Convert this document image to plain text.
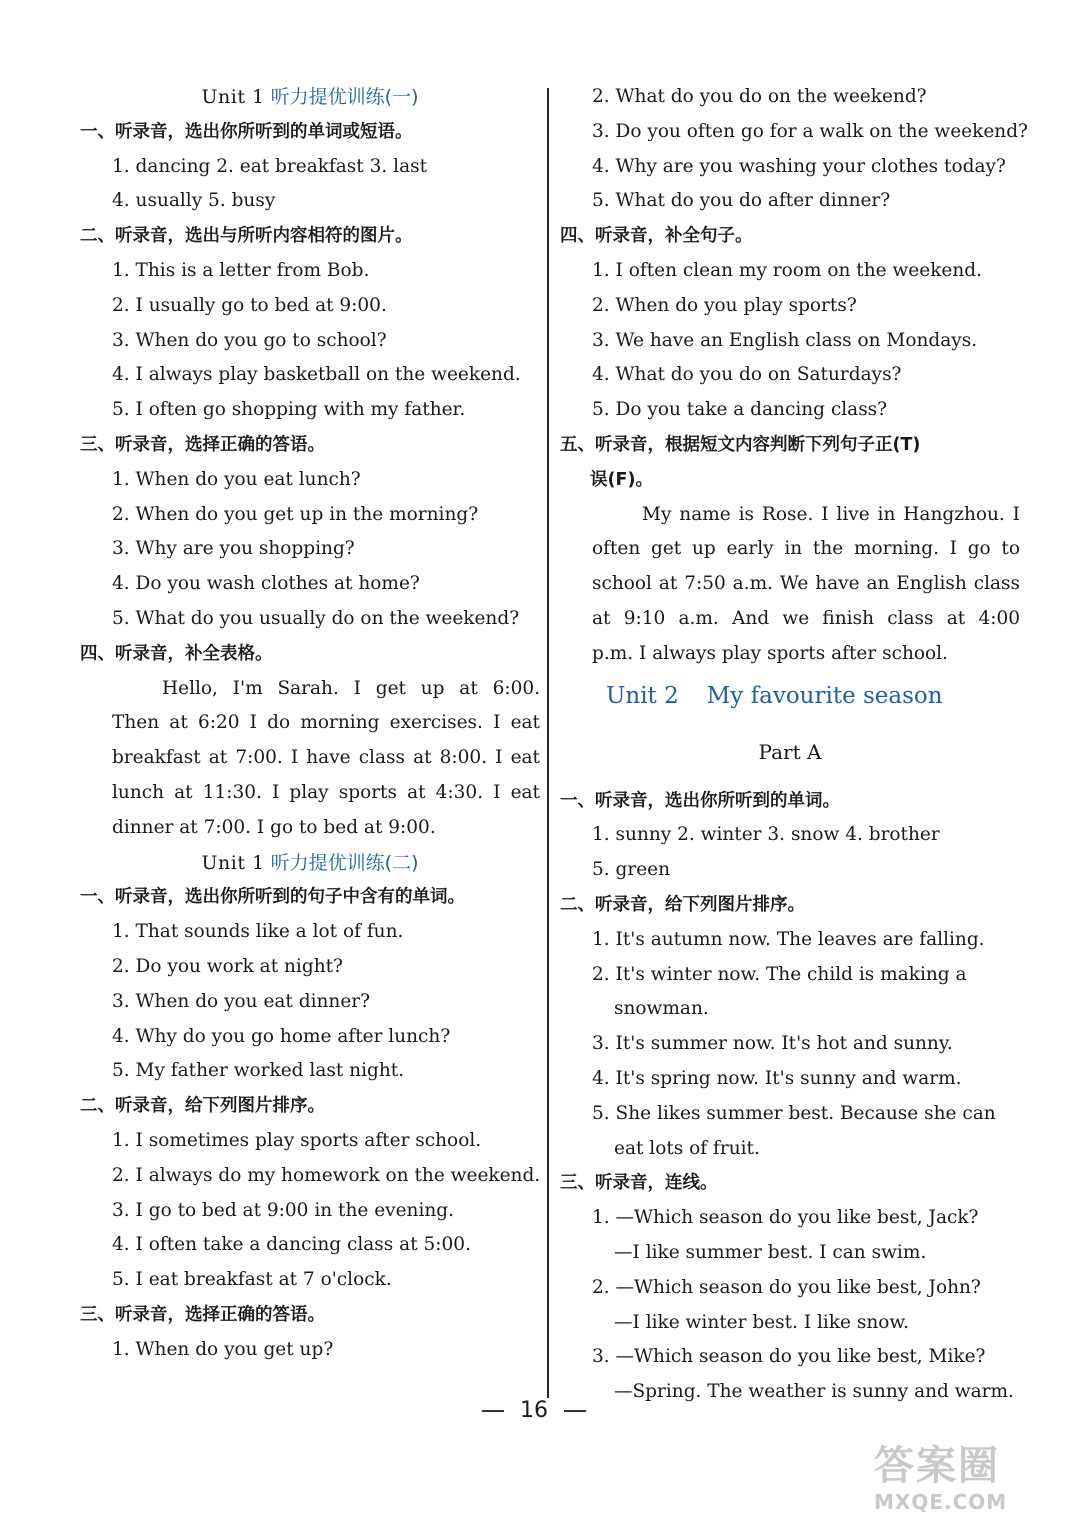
Unit 1 听力提优训练(一)
一、听录音，选出你所听到的单词或短语。
1. dancing 2. eat breakfast 3. last
4. usually 5. busy
二、听录音，选出与所听内容相符的图片。
1. This is a letter from Bob.
2. I usually go to bed at 9:00.
3. When do you go to school?
4. I always play basketball on the weekend.
5. I often go shopping with my father.
三、听录音，选择正确的答语。
1. When do you eat lunch?
2. When do you get up in the morning?
3. Why are you shopping?
4. Do you wash clothes at home?
5. What do you usually do on the weekend?
四、听录音，补全表格。
Hello, I'm Sarah. I get up at 6:00.
Then at 6:20 I do morning exercises. I eat
breakfast at 7:00. I have class at 8:00. I eat
lunch at 11:30. I play sports at 4:30. I eat
dinner at 7:00. I go to bed at 9:00.
Unit 1 听力提优训练(二)
一、听录音，选出你所听到的句子中含有的单词。
1. That sounds like a lot of fun.
2. Do you work at night?
3. When do you eat dinner?
4. Why do you go home after lunch?
5. My father worked last night.
二、听录音，给下列图片排序。
1. I sometimes play sports after school.
2. I always do my homework on the weekend.
3. I go to bed at 9:00 in the evening.
4. I often take a dancing class at 5:00.
5. I eat breakfast at 7 o'clock.
三、听录音，选择正确的答语。
1. When do you get up?
2. What do you do on the weekend?
3. Do you often go for a walk on the weekend?
4. Why are you washing your clothes today?
5. What do you do after dinner?
四、听录音，补全句子。
1. I often clean my room on the weekend.
2. When do you play sports?
3. We have an English class on Mondays.
4. What do you do on Saturdays?
5. Do you take a dancing class?
五、听录音，根据短文内容判断下列句子正(T)
误(F)。
My name is Rose. I live in Hangzhou. I
often get up early in the morning. I go to
school at 7:50 a.m. We have an English class
at 9:10 a.m. And we finish class at 4:00
p.m. I always play sports after school.
Unit 2 My favourite season
Part A
一、听录音，选出你所听到的单词。
1. sunny 2. winter 3. snow 4. brother
5. green
二、听录音，给下列图片排序。
1. It's autumn now. The leaves are falling.
2. It's winter now. The child is making a
snowman.
3. It's summer now. It's hot and sunny.
4. It's spring now. It's sunny and warm.
5. She likes summer best. Because she can
eat lots of fruit.
三、听录音，连线。
1. —Which season do you like best, Jack?
—I like summer best. I can swim.
2. —Which season do you like best, John?
—I like winter best. I like snow.
3. —Which season do you like best, Mike?
—Spring. The weather is sunny and warm.
16
答案圈
MXQE.COM
